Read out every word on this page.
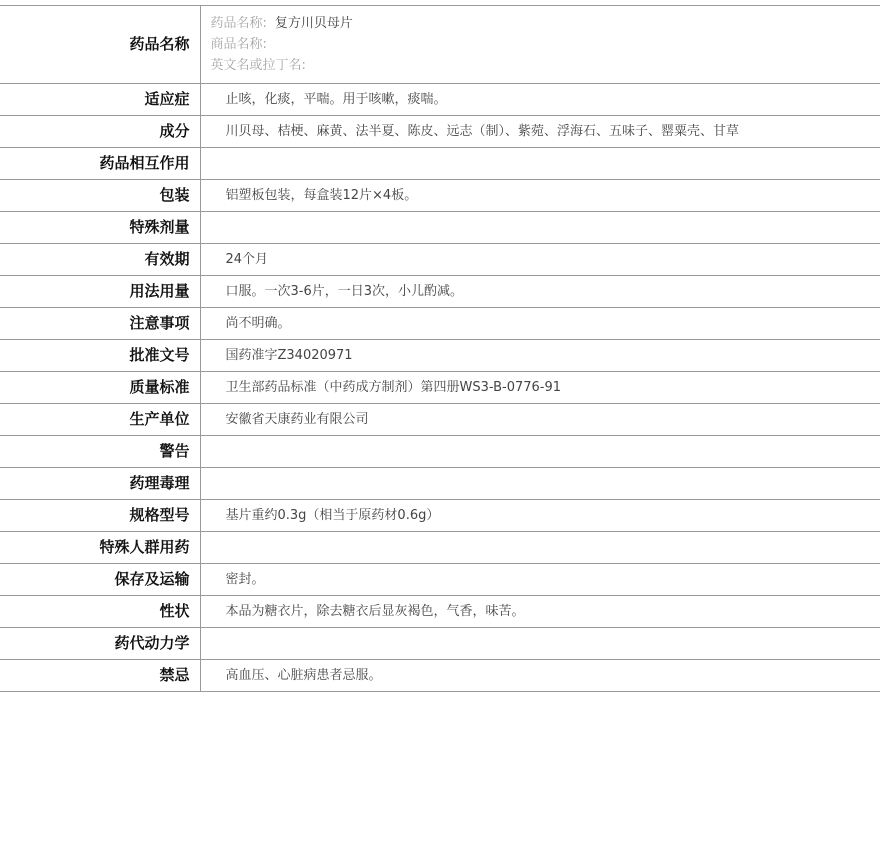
药品名称	药品名称: 复方川贝母片
商品名称:
英文名或拉丁名:

适应症	止咳，化痰，平喘。用于咳嗽，痰喘。
成分	川贝母、桔梗、麻黄、法半夏、陈皮、远志（制）、紫菀、浮海石、五味子、罂粟壳、甘草
药品相互作用	
包装	铝塑板包装，每盒装12片×4板。
特殊剂量	
有效期	24个月
用法用量	口服。一次3-6片，一日3次，小儿酌减。
注意事项	尚不明确。
批准文号	国药准字Z34020971
质量标准	卫生部药品标准（中药成方制剂）第四册WS3-B-0776-91
生产单位	安徽省天康药业有限公司
警告	
药理毒理	
规格型号	基片重约0.3g（相当于原药材0.6g）
特殊人群用药	
保存及运输	密封。
性状	本品为糖衣片，除去糖衣后显灰褐色，气香，味苦。
药代动力学	
禁忌	高血压、心脏病患者忌服。
